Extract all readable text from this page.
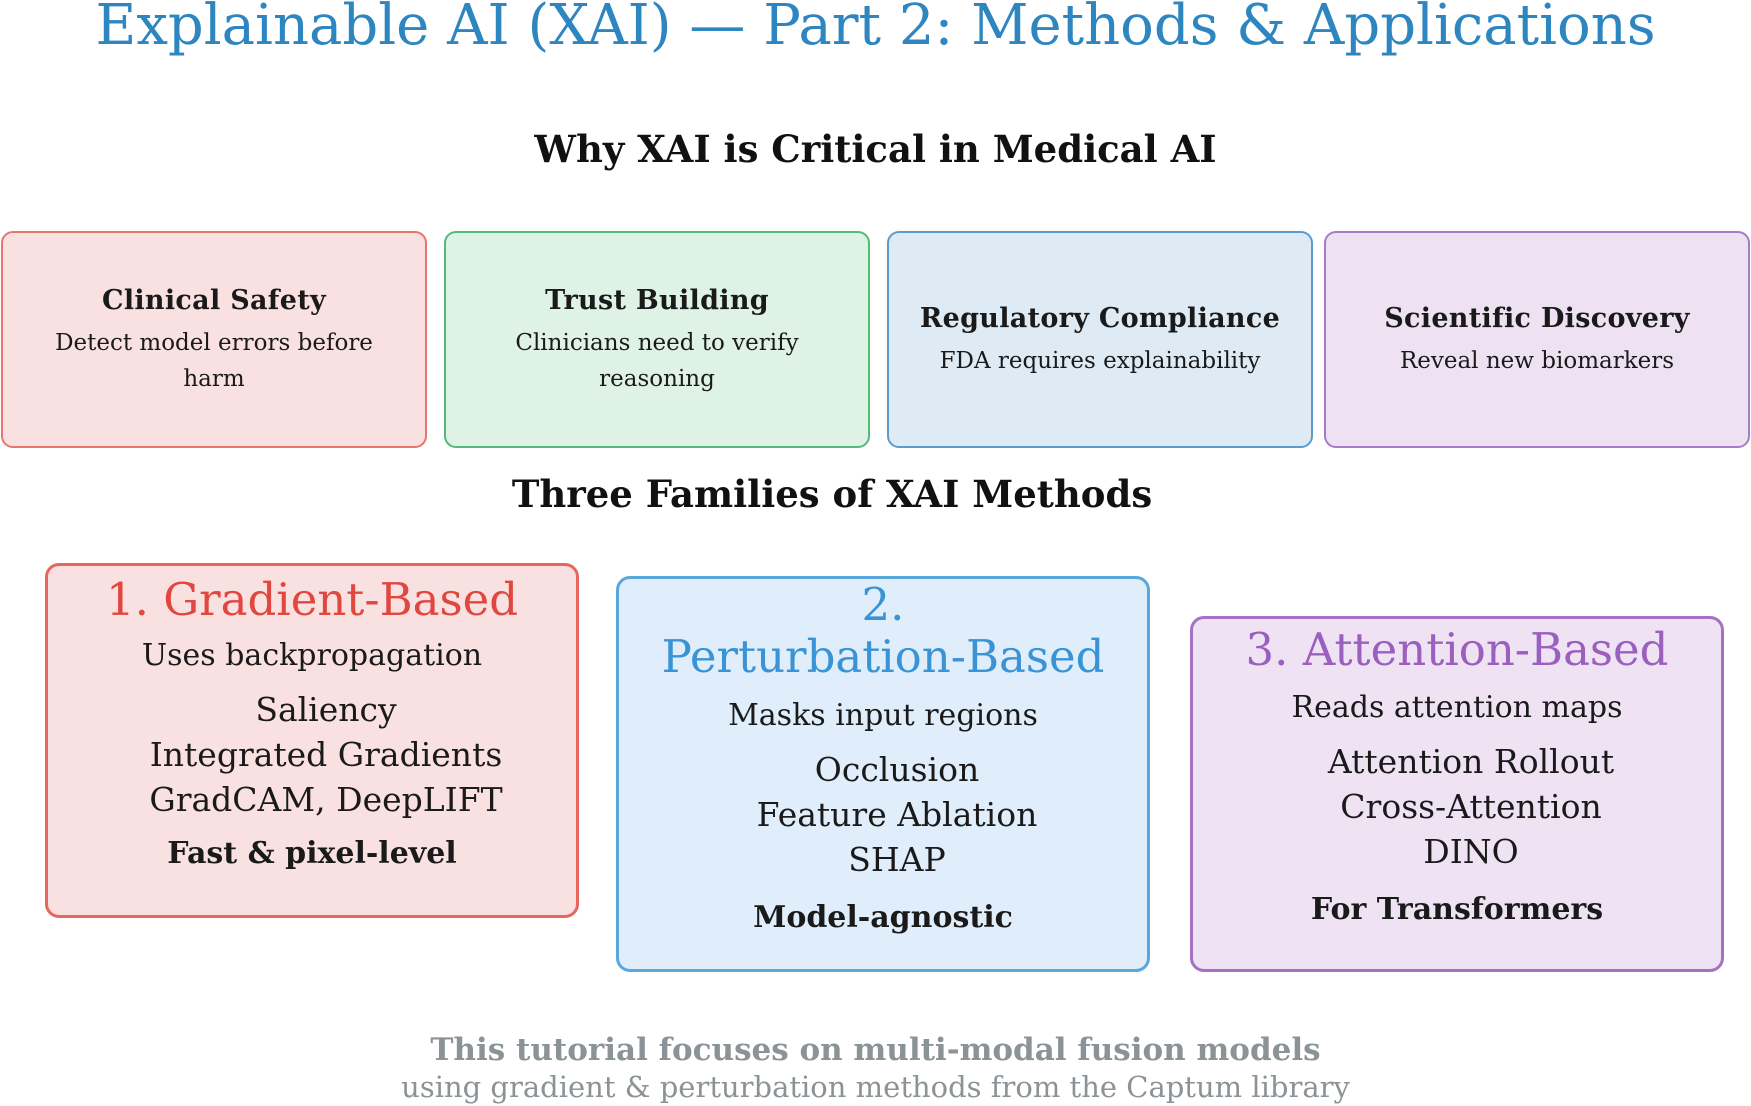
Explainable AI (XAI) — Part 2: Methods & Applications
Why XAI is Critical in Medical AI
Clinical Safety
Detect model errors before harm
Trust Building
Clinicians need to verify reasoning
Regulatory Compliance
FDA requires explainability
Scientific Discovery
Reveal new biomarkers
Three Families of XAI Methods
1. Gradient-Based
Uses backpropagation
Saliency
Integrated Gradients
GradCAM, DeepLIFT
Fast & pixel-level
2.
Perturbation-Based
Masks input regions
Occlusion
Feature Ablation
SHAP
Model-agnostic
3. Attention-Based
Reads attention maps
Attention Rollout
Cross-Attention
DINO
For Transformers
This tutorial focuses on multi-modal fusion models
using gradient & perturbation methods from the Captum library
